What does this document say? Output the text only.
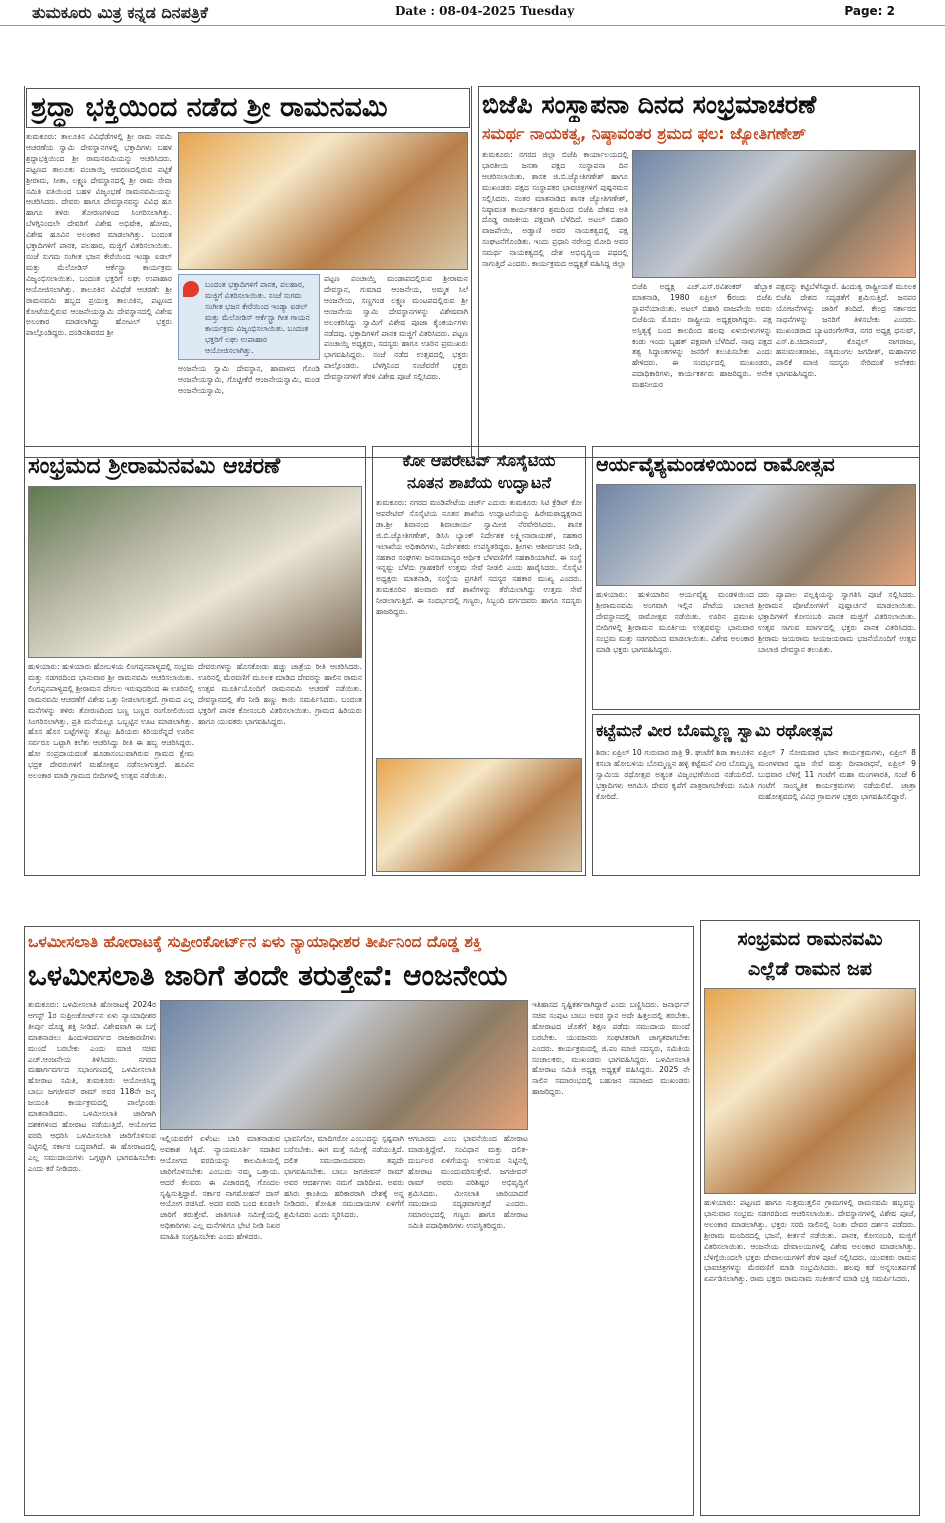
ತುಮಕೂರು ಮಿತ್ರ ಕನ್ನಡ ದಿನಪತ್ರಿಕೆ	Date : 08-04-2025 Tuesday	Page: 2
ಶ್ರದ್ಧಾ ಭಕ್ತಿಯಿಂದ ನಡೆದ ಶ್ರೀ ರಾಮನವಮಿ
ತುಮಕೂರು: ತಾಲೂಕಿನ ವಿವಿಧೆಡೆಗಳಲ್ಲಿ ಶ್ರೀ ರಾಮ ನವಮಿ ಆಚರಣೆಯ ಸ್ವಾಮಿ ದೇವಸ್ಥಾನಗಳಲ್ಲಿ ಭಕ್ತಾದಿಗಳು ಬಹಳ ಶ್ರದ್ಧಾಭಕ್ತಿಯಿಂದ ಶ್ರೀ ರಾಮನವಮಿಯನ್ನು ಆಚರಿಸಿದರು. ಪಟ್ಟಣದ ತಾಲೂಕು ಪಂಚಾಯ್ತಿ ಆವರಣದಲ್ಲಿರುವ ಪಟ್ಟಿಕೆ ಶ್ರೀರಾಮ, ಸೀತಾ, ಲಕ್ಷ್ಮಣ ದೇವಸ್ಥಾನದಲ್ಲಿ ಶ್ರೀ ರಾಮ ಸೇವಾ ಸಮಿತಿ ವತಿಯಿಂದ ಬಹಳ ವಿಜೃಂಭಣೆ ರಾಮನವಮಿಯನ್ನು ಆಚರಿಸಿದರು. ದೇವರು ಹಾಗೂ ದೇವಸ್ಥಾನವನ್ನು ವಿವಿಧ ಹೂ ಹಾಗೂ ತಳಿರು ತೋರಣಗಳಿಂದ ಸಿಂಗರಿಸಲಾಗಿತ್ತು. ಬೆಳಗ್ಗಿನಿಂದಲೇ ದೇವರಿಗೆ ವಿಶೇಷ ಅಭಿಷೇಕ, ಹೋಮ, ವಿಶೇಷ ಹೂವಿನ ಅಲಂಕಾರ ಮಾಡಲಾಗಿತ್ತು. ಬಂದಂತ ಭಕ್ತಾದಿಗಳಿಗೆ ಪಾನಕ, ಪಲಹಾರ, ಮಜ್ಜಿಗೆ ವಿತರಿಸಲಾಯಿತು. ಸಂಜೆ ಸುಗಮ ಸಂಗೀತ ಭಜನ ಕೇರೆಯಿಂದ ಇಂಡ್ಯಾ ಐಡಲ್ ಮತ್ತು ಮೆಲೋಡಿಸ್ ಆರ್ಕೆಸ್ಟ್ರಾ ಕಾರ್ಯಕ್ರಮ ವಿಜೃಂಭಿಸಲಾಯಿತು. ಬಂದಂತ ಭಕ್ತರಿಗೆ ಲಘು ಉಪಾಹಾರ ಆಯೋಜಿಸಲಾಗಿತ್ತು. ತಾಲೂಕಿನ ವಿವಿಧೆಡೆ ಆಚರಣೆ: ಶ್ರೀ ರಾಮನವಮಿ ಹಬ್ಬದ ಪ್ರಯುಕ್ತ ತಾಲೂಕಿನ, ಪಟ್ಟಣದ ಕೋಟೆಯಲ್ಲಿರುವ ಆಂಜನೇಯಸ್ವಾಮಿ ದೇವಸ್ಥಾನದಲ್ಲಿ ವಿಶೇಷ ಅಲಂಕಾರ ಮಾಡಲಾಗಿದ್ದು ಹೋಟಲ್ ಭಕ್ತರು ಪಾಲ್ಗೊಂಡಿದ್ದರು. ದಂಡಿನಶಿವರದ ಶ್ರೀ
ಬಂದಂತ ಭಕ್ತಾದಿಗಳಿಗೆ ಪಾನಕ, ಪಲಹಾರ, ಮಜ್ಜಿಗೆ ವಿತರಿಸಲಾಯಿತು. ಸಂಜೆ ಸುಗಮ ಸಂಗೀತ ಭಜನ ಕೇರೆಯಿಂದ ಇಂಡ್ಯಾ ಐಡಲ್ ಮತ್ತು ಮೆಲೋಡಿಸ್ ಆರ್ಕೆಸ್ಟ್ರಾ ಗೀತ ಗಾಯನ ಕಾರ್ಯಕ್ರಮ ವಿಜೃಂಭಿಸಲಾಯಿತು. ಬಂದಂತ ಭಕ್ತರಿಗೆ ಲಘು ಉಪಾಹಾರ ಆಯೋಜಿಸಲಾಗಿತ್ತು.
ಆಂಜನೇಯ ಸ್ವಾಮಿ ದೇವಸ್ಥಾನ, ಹಾವಾಳದ ಗೊಂಡಿ ಆಂಜನೇಯಸ್ವಾಮಿ, ಗೊಟ್ಟೀಕೆರೆ ಆಂಜನೇಯಸ್ವಾಮಿ, ಮಂಡ ಆಂಜನೇಯಸ್ವಾಮಿ,
ಪಟ್ಟಣ ಪಂಚಾಯ್ತಿ ಮಂಡಾಪದಲ್ಲಿರುವ ಶ್ರೀರಾಮನ ದೇವಸ್ಥಾನ, ಗುಮಾದ ಆಂಜನೇಯ, ಅಮ್ಮತ ಸಿಲೆ ಆಂಜನೇಯ, ಸಣ್ಣಗಂಡ ಲಕ್ಷ್ಮಣ ಮಂಟಪದಲ್ಲಿರುವ ಶ್ರೀ ಆಂಜನೇಯ ಸ್ವಾಮಿ ದೇವಸ್ಥಾನಗಳನ್ನು ವಿಶೇಷವಾಗಿ ಅಲಂಕರಿಸಿದ್ದು ಸ್ವಾಮಿಗೆ ವಿಶೇಷ ಪೂಜಾ ಕೈಂಕರ್ಯಗಳು ನಡೆದವು. ಭಕ್ತಾದಿಗಳಿಗೆ ಪಾನಕ ಮಜ್ಜಿಗೆ ವಿತರಿಸಿದರು. ಪಟ್ಟಣ ಪಂಚಾಯ್ತಿ ಅಧ್ಯಕ್ಷರು, ಸದಸ್ಯರು ಹಾಗೂ ಊರಿನ ಪ್ರಮುಖರು ಭಾಗವಹಿಸಿದ್ದರು. ಸಂಜೆ ನಡೆದ ಉತ್ಸವದಲ್ಲಿ ಭಕ್ತರು ಪಾಲ್ಗೊಂಡರು. ಬೆಳಗ್ಗಿನಿಂದ ಸಂಜೆವರೆಗೆ ಭಕ್ತರು ದೇವಸ್ಥಾನಗಳಿಗೆ ತೆರಳಿ ವಿಶೇಷ ಪೂಜೆ ಸಲ್ಲಿಸಿದರು.
ಬಿಜೆಪಿ ಸಂಸ್ಥಾಪನಾ ದಿನದ ಸಂಭ್ರಮಾಚರಣೆ
ಸಮರ್ಥ ನಾಯಕತ್ವ, ನಿಷ್ಠಾವಂತರ ಶ್ರಮದ ಫಲ: ಜ್ಯೋತಿಗಣೇಶ್
ತುಮಕೂರು: ನಗರದ ಜಿಲ್ಲಾ ಬಿಜೆಪಿ ಕಾರ್ಯಾಲಯದಲ್ಲಿ ಭಾರತೀಯ ಜನತಾ ಪಕ್ಷದ ಸಂಸ್ಥಾಪನಾ ದಿನ ಆಚರಿಸಲಾಯಿತು. ಶಾಸಕ ಜಿ.ಬಿ.ಜ್ಯೋತಿಗಣೇಶ್ ಹಾಗೂ ಮುಖಂಡರು ಪಕ್ಷದ ಸಂಸ್ಥಾಪಕರ ಭಾವಚಿತ್ರಗಳಿಗೆ ಪುಷ್ಪನಮನ ಸಲ್ಲಿಸಿದರು. ನಂತರ ಮಾತನಾಡಿದ ಶಾಸಕ ಜ್ಯೋತಿಗಣೇಶ್, ನಿಷ್ಠಾವಂತ ಕಾರ್ಯಕರ್ತರ ಶ್ರಮದಿಂದ ಬಿಜೆಪಿ ದೇಶದ ಅತಿ ದೊಡ್ಡ ರಾಜಕೀಯ ಪಕ್ಷವಾಗಿ ಬೆಳೆದಿದೆ. ಅಟಲ್ ಬಿಹಾರಿ ವಾಜಪೇಯಿ, ಅಡ್ವಾಣಿ ಅವರ ನಾಯಕತ್ವದಲ್ಲಿ ಪಕ್ಷ ಸಂಘಟನೆಗೊಂಡಿತು. ಇಂದು ಪ್ರಧಾನಿ ನರೇಂದ್ರ ಮೋದಿ ಅವರ ಸಮರ್ಥ ನಾಯಕತ್ವದಲ್ಲಿ ದೇಶ ಅಭಿವೃದ್ಧಿಯ ಪಥದಲ್ಲಿ ಸಾಗುತ್ತಿದೆ ಎಂದರು. ಕಾರ್ಯಕ್ರಮದ ಅಧ್ಯಕ್ಷತೆ ವಹಿಸಿದ್ದ ಜಿಲ್ಲಾ
ಬಿಜೆಪಿ ಅಧ್ಯಕ್ಷ ಎಚ್.ಎಸ್.ರವಿಶಂಕರ್ ಹೆಬ್ಬಾಕ ಮಾತನಾಡಿ, 1980 ಏಪ್ರಿಲ್ 6ರಂದು ಬಿಜೆಪಿ ಸ್ಥಾಪನೆಯಾಯಿತು. ಅಟಲ್ ಬಿಹಾರಿ ವಾಜಪೇಯಿ ಅವರು ಬಿಜೆಪಿಯ ಮೊದಲ ರಾಷ್ಟ್ರೀಯ ಅಧ್ಯಕ್ಷರಾಗಿದ್ದರು. ಪಕ್ಷ ಅಸ್ತಿತ್ವಕ್ಕೆ ಬಂದ ಕಾಲದಿಂದ ಹಲವು ಏಳುಬೀಳುಗಳನ್ನು ಕಂಡು ಇಂದು ಬೃಹತ್ ಪಕ್ಷವಾಗಿ ಬೆಳೆದಿದೆ. ನಾವು ಪಕ್ಷದ ತತ್ವ ಸಿದ್ಧಾಂತಗಳನ್ನು ಜನರಿಗೆ ತಲುಪಿಸಬೇಕು ಎಂದು ಹೇಳಿದರು. ಈ ಸಂದರ್ಭದಲ್ಲಿ ಮುಖಂಡರು, ಪದಾಧಿಕಾರಿಗಳು, ಕಾರ್ಯಕರ್ತರು ಹಾಜರಿದ್ದರು. ಅನೇಕ ಮಹನೀಯರ
ಪಕ್ಷವನ್ನು ಕಟ್ಟಿಬೆಳೆಸಿದ್ದಾರೆ. ಹಿಂದುತ್ವ ರಾಷ್ಟ್ರೀಯತೆ ಮೂಲಕ ಬಿಜೆಪಿ ದೇಶದ ಸದೃಢತೆಗೆ ಶ್ರಮಿಸುತ್ತಿದೆ. ಜನಪರ ಯೋಜನೆಗಳನ್ನು ಜಾರಿಗೆ ತಂದಿದೆ. ಕೇಂದ್ರ ಸರ್ಕಾರದ ಸಾಧನೆಗಳನ್ನು ಜನರಿಗೆ ತಿಳಿಸಬೇಕು ಎಂದರು. ಮುಖಂಡರಾದ ಬ್ಯಾಟರಂಗೇಗೌಡ, ನಗರ ಅಧ್ಯಕ್ಷ ಧನುಷ್, ಎಸ್.ಪಿ.ಚಿದಾನಂದ್, ಕೊಪ್ಪಲ್ ನಾಗರಾಜು, ಹನುಮಂತರಾಜು, ಸತ್ಯಮಂಗಲ ಜಗದೀಶ್, ಮಹಾನಗರ ಪಾಲಿಕೆ ಮಾಜಿ ಸದಸ್ಯರು ಸೇರಿದಂತೆ ಅನೇಕರು ಭಾಗವಹಿಸಿದ್ದರು.
ಸಂಭ್ರಮದ ಶ್ರೀರಾಮನವಮಿ ಆಚರಣೆ
ಹುಳಿಯಾರು: ಹುಳಿಯಾರು ಹೋಬಳಿಯ ಲಿಂಗಪ್ಪನಪಾಳ್ಯದಲ್ಲಿ ಸಂಭ್ರಮ ಮತ್ತು ಸಡಗರದಿಂದ ಭಾನುವಾರ ಶ್ರೀ ರಾಮನವಮಿ ಆಚರಿಸಲಾಯಿತು. ಲಿಂಗಪ್ಪನಪಾಳ್ಯದಲ್ಲಿ ಶ್ರೀರಾಮನ ದೇಗುಲ ಇರುವುದರಿಂದ ಈ ಊರಿನಲ್ಲಿ ರಾಮನವಮಿ ಆಚರಣೆಗೆ ವಿಶೇಷ ಒತ್ತು ನೀಡಲಾಗುತ್ತದೆ. ಗ್ರಾಮದ ಎಲ್ಲ ಮನೆಗಳನ್ನು ತಳಿರು ತೋರಣದಿಂದ ಬಣ್ಣ ಬಣ್ಣದ ರಂಗೋಲಿಯಿಂದ ಸಿಂಗರಿಸಲಾಗಿತ್ತು. ಪ್ರತಿ ಮನೆಯಲ್ಲೂ ಒಬ್ಬಟ್ಟಿನ ಊಟ ಮಾಡಲಾಗಿತ್ತು. ಹೊಸ ಹೊಸ ಬಟ್ಟೆಗಳನ್ನು ತೊಟ್ಟು ಹಿರಿಯರು ಕಿರಿಯರೆನ್ನದೆ ಊರಿನ ಸರ್ವರೂ ಒಟ್ಟಾಗಿ ಕಲೆತು ಆಚರಿಸಿದ್ದು ರೀತಿ ಈ ಹಬ್ಬ ಆಚರಿಸಿದ್ದರು. ಹೋ ಸಂಪ್ರದಾಯದಂತೆ ಹೂಡಾಸಂಬುವಾಗಿರುವ ಗ್ರಾಮದ ಕ್ಷೇಮ ಭದ್ರಕ ದೇವರುಗಳಿಗೆ ಮಹೋತ್ಸವ ನಡೆಸಲಾಗುತ್ತದೆ. ಹೂವಿನ ಅಲಂಕಾರ ಮಾಡಿ ಗ್ರಾಮದ ಬೀದಿಗಳಲ್ಲಿ ಉತ್ಸವ ನಡೆಯಿತು.
ದೇವರುಗಳನ್ನು ಹೊಸಕೋಡು ಹಚ್ಚು ಜಾತ್ರೆಯ ರೀತಿ ಆಚರಿಸಿದರು. ಊರಿನಲ್ಲಿ ಮೆರವಣಿಗೆ ಮೂಲಕ ಮಾಡಿದ ದೇವರನ್ನು ಹಾಲಿನ ರಾಮನ ಉತ್ಸವ ಮೂರ್ತಿಯೊಂದಿಗೆ ರಾಮನವಮಿ ಆಚರಣೆ ನಡೆಯಿತು. ದೇವಸ್ಥಾನದಲ್ಲಿ ತೆರ ನೀಡಿ ಹಣ್ಣು ಕಾಯಿ ಸಮರ್ಪಿಸಿದರು. ಬಂದಂತ ಭಕ್ತರಿಗೆ ಪಾನಕ ಕೋಸಂಬರಿ ವಿತರಿಸಲಾಯಿತು. ಗ್ರಾಮದ ಹಿರಿಯರು ಹಾಗೂ ಯುವಕರು ಭಾಗವಹಿಸಿದ್ದರು.
ಕೋ ಆಪರೇಟಿವ್ ಸೊಸೈಟಿಯ
ನೂತನ ಶಾಖೆಯ ಉದ್ಘಾಟನೆ
ತುಮಕೂರು: ನಗರದ ಮಂಡಿಪೇಟೆಯ ಚರ್ಚ್ ಎದುರು ತುಮಕೂರು ಸಿಟಿ ಕ್ರೆಡಿಟ್ ಕೋ ಆಪರೇಟಿವ್ ಸೊಸೈಟಿಯ ನೂತನ ಶಾಖೆಯ ಉದ್ಘಾಟನೆಯನ್ನು ಹಿರೇಮಠಾಧ್ಯಕ್ಷರಾದ ಡಾ.ಶ್ರೀ ಶಿವಾನಂದ ಶಿವಾಚಾರ್ಯ ಸ್ವಾಮೀಜಿ ನೆರವೇರಿಸಿದರು. ಶಾಸಕ ಜಿ.ಬಿ.ಜ್ಯೋತಿಗಣೇಶ್, ಡಿಸಿಸಿ ಬ್ಯಾಂಕ್ ನಿರ್ದೇಶಕ ಲಕ್ಷ್ಮೀನಾರಾಯಣ್, ಸಹಕಾರ ಇಲಾಖೆಯ ಅಧಿಕಾರಿಗಳು, ನಿರ್ದೇಶಕರು ಉಪಸ್ಥಿತರಿದ್ದರು. ಶ್ರೀಗಳು ಆಶೀರ್ವಚನ ನೀಡಿ, ಸಹಕಾರ ಸಂಘಗಳು ಜನಸಾಮಾನ್ಯರ ಆರ್ಥಿಕ ಬೆಳವಣಿಗೆಗೆ ಸಹಕಾರಿಯಾಗಿವೆ. ಈ ಸಂಸ್ಥೆ ಇನ್ನಷ್ಟು ಬೆಳೆದು ಗ್ರಾಹಕರಿಗೆ ಉತ್ತಮ ಸೇವೆ ನೀಡಲಿ ಎಂದು ಹಾರೈಸಿದರು. ಸೊಸೈಟಿ ಅಧ್ಯಕ್ಷರು ಮಾತನಾಡಿ, ಸಂಸ್ಥೆಯ ಪ್ರಗತಿಗೆ ಸದಸ್ಯರ ಸಹಕಾರ ಮುಖ್ಯ ಎಂದರು. ತುಮಕೂರಿನ ಹಲವಾರು ಕಡೆ ಶಾಖೆಗಳನ್ನು ತೆರೆಯಲಾಗಿದ್ದು ಉತ್ತಮ ಸೇವೆ ನೀಡಲಾಗುತ್ತಿದೆ. ಈ ಸಂದರ್ಭದಲ್ಲಿ ಗಣ್ಯರು, ಸಿಬ್ಬಂದಿ ವರ್ಗದವರು ಹಾಗೂ ಸದಸ್ಯರು ಹಾಜರಿದ್ದರು.
ಆರ್ಯವೈಶ್ಯಮಂಡಳಿಯಿಂದ ರಾಮೋತ್ಸವ
ಹುಳಿಯಾರು: ಹುಳಿಯಾರಿನ ಆರ್ಯವೈಶ್ಯ ಮಂಡಳಿಯಿಂದ ಶ್ರೀರಾಮನವಮಿ ಅಂಗವಾಗಿ ಇಲ್ಲಿನ ಪೇಟೆಯ ಬಾಲಾಜಿ ದೇವಸ್ಥಾನದಲ್ಲಿ ರಾಮೋತ್ಸವ ನಡೆಯಿತು. ಊರಿನ ಪ್ರಮುಖ ಬೀದಿಗಳಲ್ಲಿ ಶ್ರೀರಾಮನ ಮೂರ್ತಿಯ ಉತ್ಸವವನ್ನು ಭಾನುವಾರ ಸಂಭ್ರಮ ಮತ್ತು ಸಡಗರದಿಂದ ಮಾಡಲಾಯಿತು. ವಿಶೇಷ ಅಲಂಕಾರ ಮಾಡಿ ಭಕ್ತರು ಭಾಗವಹಿಸಿದ್ದರು.
ದರು ಪ್ಯಾಪಾಲ ಪಲ್ಲಕ್ಕಿಯನ್ನು ಸ್ವಾಗತಿಸಿ ಪೂಜೆ ಸಲ್ಲಿಸಿದರು. ಶ್ರೀರಾಮನ ಪೋಟೋಗಳಿಗೆ ಪುಷ್ಪಾರ್ಚನೆ ಮಾಡಲಾಯಿತು. ಭಕ್ತಾದಿಗಳಿಗೆ ಕೋಸಂಬರಿ ಪಾನಕ ಮಜ್ಜಿಗೆ ವಿತರಿಸಲಾಯಿತು. ಉತ್ಸವ ಸಾಗುವ ಮಾರ್ಗದಲ್ಲಿ ಭಕ್ತರು ಪಾನಕ ವಿತರಿಸಿದರು. ಶ್ರೀರಾಮ ಜಯರಾಮ ಜಯಜಯರಾಮ ಭಜನೆಯೊಂದಿಗೆ ಉತ್ಸವ ಬಾಲಾಜಿ ದೇವಸ್ಥಾನ ತಲುಪಿತು.
ಕಟ್ಟೆಮನೆ ವೀರ ಬೊಮ್ಮಣ್ಣ ಸ್ವಾಮಿ ರಥೋತ್ಸವ
ಶಿರಾ: ಏಪ್ರಿಲ್ 10 ಗುರುವಾರ ರಾತ್ರಿ 9. ಘಂಟೆಗೆ ಶಿರಾ ತಾಲೂಕಿನ ಕಸಬಾ ಹೋಬಳಿಯ ಬೊಮ್ಮಣ್ಣನ ಹಳ್ಳಿ ಕಟ್ಟೆಮನೆ ವೀರ ಬೊಮ್ಮಣ್ಣ ಸ್ವಾಮಿಯ ರಥೋತ್ಸವ ಅತ್ಯಂತ ವಿಜೃಂಭಣೆಯಿಂದ ನಡೆಯಲಿದೆ. ಭಕ್ತಾದಿಗಳು ಆಗಮಿಸಿ ದೇವರ ಕೃಪೆಗೆ ಪಾತ್ರರಾಗಬೇಕೆಂದು ಸಮಿತಿ ಕೋರಿದೆ.
ಏಪ್ರಿಲ್ 7 ಸೋಮವಾರ ಭಜನ ಕಾರ್ಯಕ್ರಮಗಳು, ಏಪ್ರಿಲ್ 8 ಮಂಗಳವಾರ ಧ್ವಜ ಸೇವೆ ಮತ್ತು ದೀಪಾರಾಧನೆ, ಏಪ್ರಿಲ್ 9 ಬುಧವಾರ ಬೆಳಿಗ್ಗೆ 11 ಗಂಟೆಗೆ ಮಹಾ ಮಂಗಳಾರತಿ, ಸಂಜೆ 6 ಗಂಟೆಗೆ ಸಾಂಸ್ಕೃತಿಕ ಕಾರ್ಯಕ್ರಮಗಳು ನಡೆಯಲಿವೆ. ಜಾತ್ರಾ ಮಹೋತ್ಸವದಲ್ಲಿ ವಿವಿಧ ಗ್ರಾಮಗಳ ಭಕ್ತರು ಭಾಗವಹಿಸಲಿದ್ದಾರೆ.
ಒಳಮೀಸಲಾತಿ ಹೋರಾಟಕ್ಕೆ ಸುಪ್ರೀಂಕೋರ್ಟ್‌ನ ಏಳು ನ್ಯಾಯಾಧೀಶರ ತೀರ್ಪಿನಿಂದ ದೊಡ್ಡ ಶಕ್ತಿ
ಒಳಮೀಸಲಾತಿ ಜಾರಿಗೆ ತಂದೇ ತರುತ್ತೇವೆ: ಆಂಜನೇಯ
ತುಮಕೂರು: ಒಳಮೀಸಲಾತಿ ಹೋರಾಟಕ್ಕೆ 2024ರ ಆಗಸ್ಟ್ 1ರ ಸುಪ್ರೀಂಕೋರ್ಟ್‌ನ ಏಳು ನ್ಯಾಯಾಧೀಶರ ತೀರ್ಪು ದೊಡ್ಡ ಶಕ್ತಿ ನೀಡಿದೆ. ವಿಶೇಷವಾಗಿ ಈ ಬಗ್ಗೆ ಮಾತನಾಡಲು ಹಿಂದುಳಿದವರ್ಗದ ರಾಜಕಾರಣಿಗಳು ಮುಂದೆ ಬರಬೇಕು ಎಂದು ಮಾಜಿ ಸಚಿವ ಎಚ್.ಆಂಜನೇಯ ತಿಳಿಸಿದರು. ನಗರದ ಮಹಾರ್ಗವರ್ಗದ ಸಭಾಂಗಣದಲ್ಲಿ ಒಳಮೀಸಲಾತಿ ಹೋರಾಟ ಸಮಿತಿ, ತುಮಕೂರು ಆಯೋಜಿಸಿದ್ದ ಬಾಬು ಜಗಜೀವನ್ ರಾಮ್ ಅವರ 118ನೇ ಜನ್ಮ ಜಯಂತಿ ಕಾರ್ಯಕ್ರಮದಲ್ಲಿ ಪಾಲ್ಗೊಂಡು ಮಾತನಾಡಿದರು. ಒಳಮೀಸಲಾತಿ ಜಾರಿಗಾಗಿ ದಶಕಗಳಿಂದ ಹೋರಾಟ ನಡೆಯುತ್ತಿದೆ. ಆಯೋಗದ ವರದಿ ಆಧರಿಸಿ ಒಳಮೀಸಲಾತಿ ಜಾರಿಗೊಳಿಸುವ ನಿಟ್ಟಿನಲ್ಲಿ ಸರ್ಕಾರ ಬದ್ಧವಾಗಿದೆ. ಈ ಹೋರಾಟದಲ್ಲಿ ಎಲ್ಲ ಸಮುದಾಯಗಳು ಒಗ್ಗಟ್ಟಾಗಿ ಭಾಗವಹಿಸಬೇಕು ಎಂದು ಕರೆ ನೀಡಿದರು.
ಇಲ್ಲಿಯವರೆಗೆ ಏಳೆಂಟು ಬಾರಿ ಮಾತನಾಡುವ ಅವಕಾಶ ಸಿಕ್ಕಿದೆ. ನ್ಯಾಯಮೂರ್ತಿ ಸದಾಶಿವ ಆಯೋಗದ ವರದಿಯನ್ನು ಕಾಲಮಿತಿಯಲ್ಲಿ ಜಾರಿಗೊಳಿಸಬೇಕು ಎಂಬುದು ನಮ್ಮ ಒತ್ತಾಯ. ಆದರೆ ಕೆಲವರು ಈ ವಿಚಾರದಲ್ಲಿ ಗೊಂದಲ ಸೃಷ್ಟಿಸುತ್ತಿದ್ದಾರೆ. ಸರ್ಕಾರ ನಾಗಮೋಹನ್ ದಾಸ್ ಆಯೋಗ ರಚಿಸಿದೆ. ಅದರ ವರದಿ ಬಂದ ಕೂಡಲೇ ಜಾರಿಗೆ ತರುತ್ತೇವೆ. ಜಾತಿಗಣತಿ ಸಮೀಕ್ಷೆಯಲ್ಲಿ ಅಧಿಕಾರಿಗಳು ಎಲ್ಲ ಮನೆಗಳಿಗೂ ಭೇಟಿ ನೀಡಿ ನಿಖರ ಮಾಹಿತಿ ಸಂಗ್ರಹಿಸಬೇಕು ಎಂದು ಹೇಳಿದರು.
ಭಾವನಿಗೋ, ಮಾದಿಗರೋ ಎಂಬುದನ್ನು ಸ್ಪಷ್ಟವಾಗಿ ಬರೆಸಬೇಕು. ಈಗ ಮತ್ತೆ ಸಮೀಕ್ಷೆ ನಡೆಯುತ್ತಿದೆ. ದಲಿತ ಸಮುದಾಯದವರು ತಪ್ಪದೇ ಭಾಗವಹಿಸಬೇಕು. ಬಾಬು ಜಗಜೀವನ್ ರಾಮ್ ಅವರ ಆದರ್ಶಗಳು ನಮಗೆ ದಾರಿದೀಪ. ಅವರು ಹಸಿರು ಕ್ರಾಂತಿಯ ಹರಿಕಾರರಾಗಿ ದೇಶಕ್ಕೆ ಅನ್ನ ನೀಡಿದರು. ಶೋಷಿತ ಸಮುದಾಯಗಳ ಏಳಿಗೆಗೆ ಶ್ರಮಿಸಿದರು ಎಂದು ಸ್ಮರಿಸಿದರು.
ಆಗಬಾರದು ಎಂಬ ಭಾವನೆಯಿಂದ ಹೋರಾಟ ಮಾಡುತ್ತಿದ್ದೇವೆ. ಸಂವಿಧಾನ ಮತ್ತು ದಲಿತ-ದುರ್ಬಲರ ಏಳಿಗೆಯನ್ನು ಉಳಿಸುವ ನಿಟ್ಟಿನಲ್ಲಿ ಹೋರಾಟ ಮುಂದುವರಿಸುತ್ತೇವೆ. ಜಗಜೀವನ್ ರಾಮ್ ಅವರು ಪರಿಶಿಷ್ಟರ ಅಭಿವೃದ್ಧಿಗೆ ಶ್ರಮಿಸಿದರು. ಮೀಸಲಾತಿ ಜಾರಿಯಾದರೆ ಸಮುದಾಯ ಸದೃಢವಾಗುತ್ತದೆ ಎಂದರು. ಸಮಾರಂಭದಲ್ಲಿ ಗಣ್ಯರು ಹಾಗೂ ಹೋರಾಟ ಸಮಿತಿ ಪದಾಧಿಕಾರಿಗಳು ಉಪಸ್ಥಿತರಿದ್ದರು.
ಇತಿಹಾಸದ ಸೃಷ್ಟಿಕರ್ತರಾಗಿದ್ದಾರೆ ಎಂದು ಬಣ್ಣಿಸಿದರು. ಜನಾರ್ಧನ್ ಸಚಿವ ಸಂಪುಟ ಬಾಬು ಅವರ ಸ್ಥಾನ ಅದೇ ಹಿತ್ತಲದಲ್ಲಿ ತರಬೇಕು. ಹೋರಾಟದ ಜೊತೆಗೆ ಶಿಕ್ಷಣ ಪಡೆದು ಸಮುದಾಯ ಮುಂದೆ ಬರಬೇಕು. ಯುವಜನರು ಸಂಘಟಿತರಾಗಿ ಜಾಗೃತರಾಗಬೇಕು ಎಂದರು. ಕಾರ್ಯಕ್ರಮದಲ್ಲಿ ಜಿ.ಪಂ ಮಾಜಿ ಸದಸ್ಯರು, ಸಮಿತಿಯ ಸಂಚಾಲಕರು, ಮುಖಂಡರು ಭಾಗವಹಿಸಿದ್ದರು. ಒಳಮೀಸಲಾತಿ ಹೋರಾಟ ಸಮಿತಿ ಅಧ್ಯಕ್ಷ ಅಧ್ಯಕ್ಷತೆ ವಹಿಸಿದ್ದರು. 2025 ನೇ ಸಾಲಿನ ಸಮಾರಂಭದಲ್ಲಿ ಬಹುಜನ ಸಮಾಜದ ಮುಖಂಡರು ಹಾಜರಿದ್ದರು.
ಸಂಭ್ರಮದ ರಾಮನವಮಿ
ಎಲ್ಲೆಡೆ ರಾಮನ ಜಪ
ಹುಳಿಯಾರು: ಪಟ್ಟಣದ ಹಾಗೂ ಸುತ್ತಮುತ್ತಲಿನ ಗ್ರಾಮಗಳಲ್ಲಿ ರಾಮನವಮಿ ಹಬ್ಬವನ್ನು ಭಾನುವಾರ ಸಂಭ್ರಮ ಸಡಗರದಿಂದ ಆಚರಿಸಲಾಯಿತು. ದೇವಸ್ಥಾನಗಳಲ್ಲಿ ವಿಶೇಷ ಪೂಜೆ, ಅಲಂಕಾರ ಮಾಡಲಾಗಿತ್ತು. ಭಕ್ತರು ಸರದಿ ಸಾಲಿನಲ್ಲಿ ನಿಂತು ದೇವರ ದರ್ಶನ ಪಡೆದರು. ಶ್ರೀರಾಮ ಮಂದಿರದಲ್ಲಿ ಭಜನೆ, ಕೀರ್ತನೆ ನಡೆಯಿತು. ಪಾನಕ, ಕೋಸಂಬರಿ, ಮಜ್ಜಿಗೆ ವಿತರಿಸಲಾಯಿತು. ಆಂಜನೇಯ ದೇವಾಲಯಗಳಲ್ಲಿ ವಿಶೇಷ ಅಲಂಕಾರ ಮಾಡಲಾಗಿತ್ತು. ಬೆಳಿಗ್ಗೆಯಿಂದಲೇ ಭಕ್ತರು ದೇವಾಲಯಗಳಿಗೆ ತೆರಳಿ ಪೂಜೆ ಸಲ್ಲಿಸಿದರು. ಯುವಕರು ರಾಮನ ಭಾವಚಿತ್ರಗಳನ್ನು ಮೆರವಣಿಗೆ ಮಾಡಿ ಸಂಭ್ರಮಿಸಿದರು. ಹಲವು ಕಡೆ ಅನ್ನಸಂತರ್ಪಣೆ ಏರ್ಪಡಿಸಲಾಗಿತ್ತು. ರಾಮ ಭಕ್ತರು ರಾಮನಾಮ ಸಂಕೀರ್ತನೆ ಮಾಡಿ ಭಕ್ತಿ ಸಮರ್ಪಿಸಿದರು.
